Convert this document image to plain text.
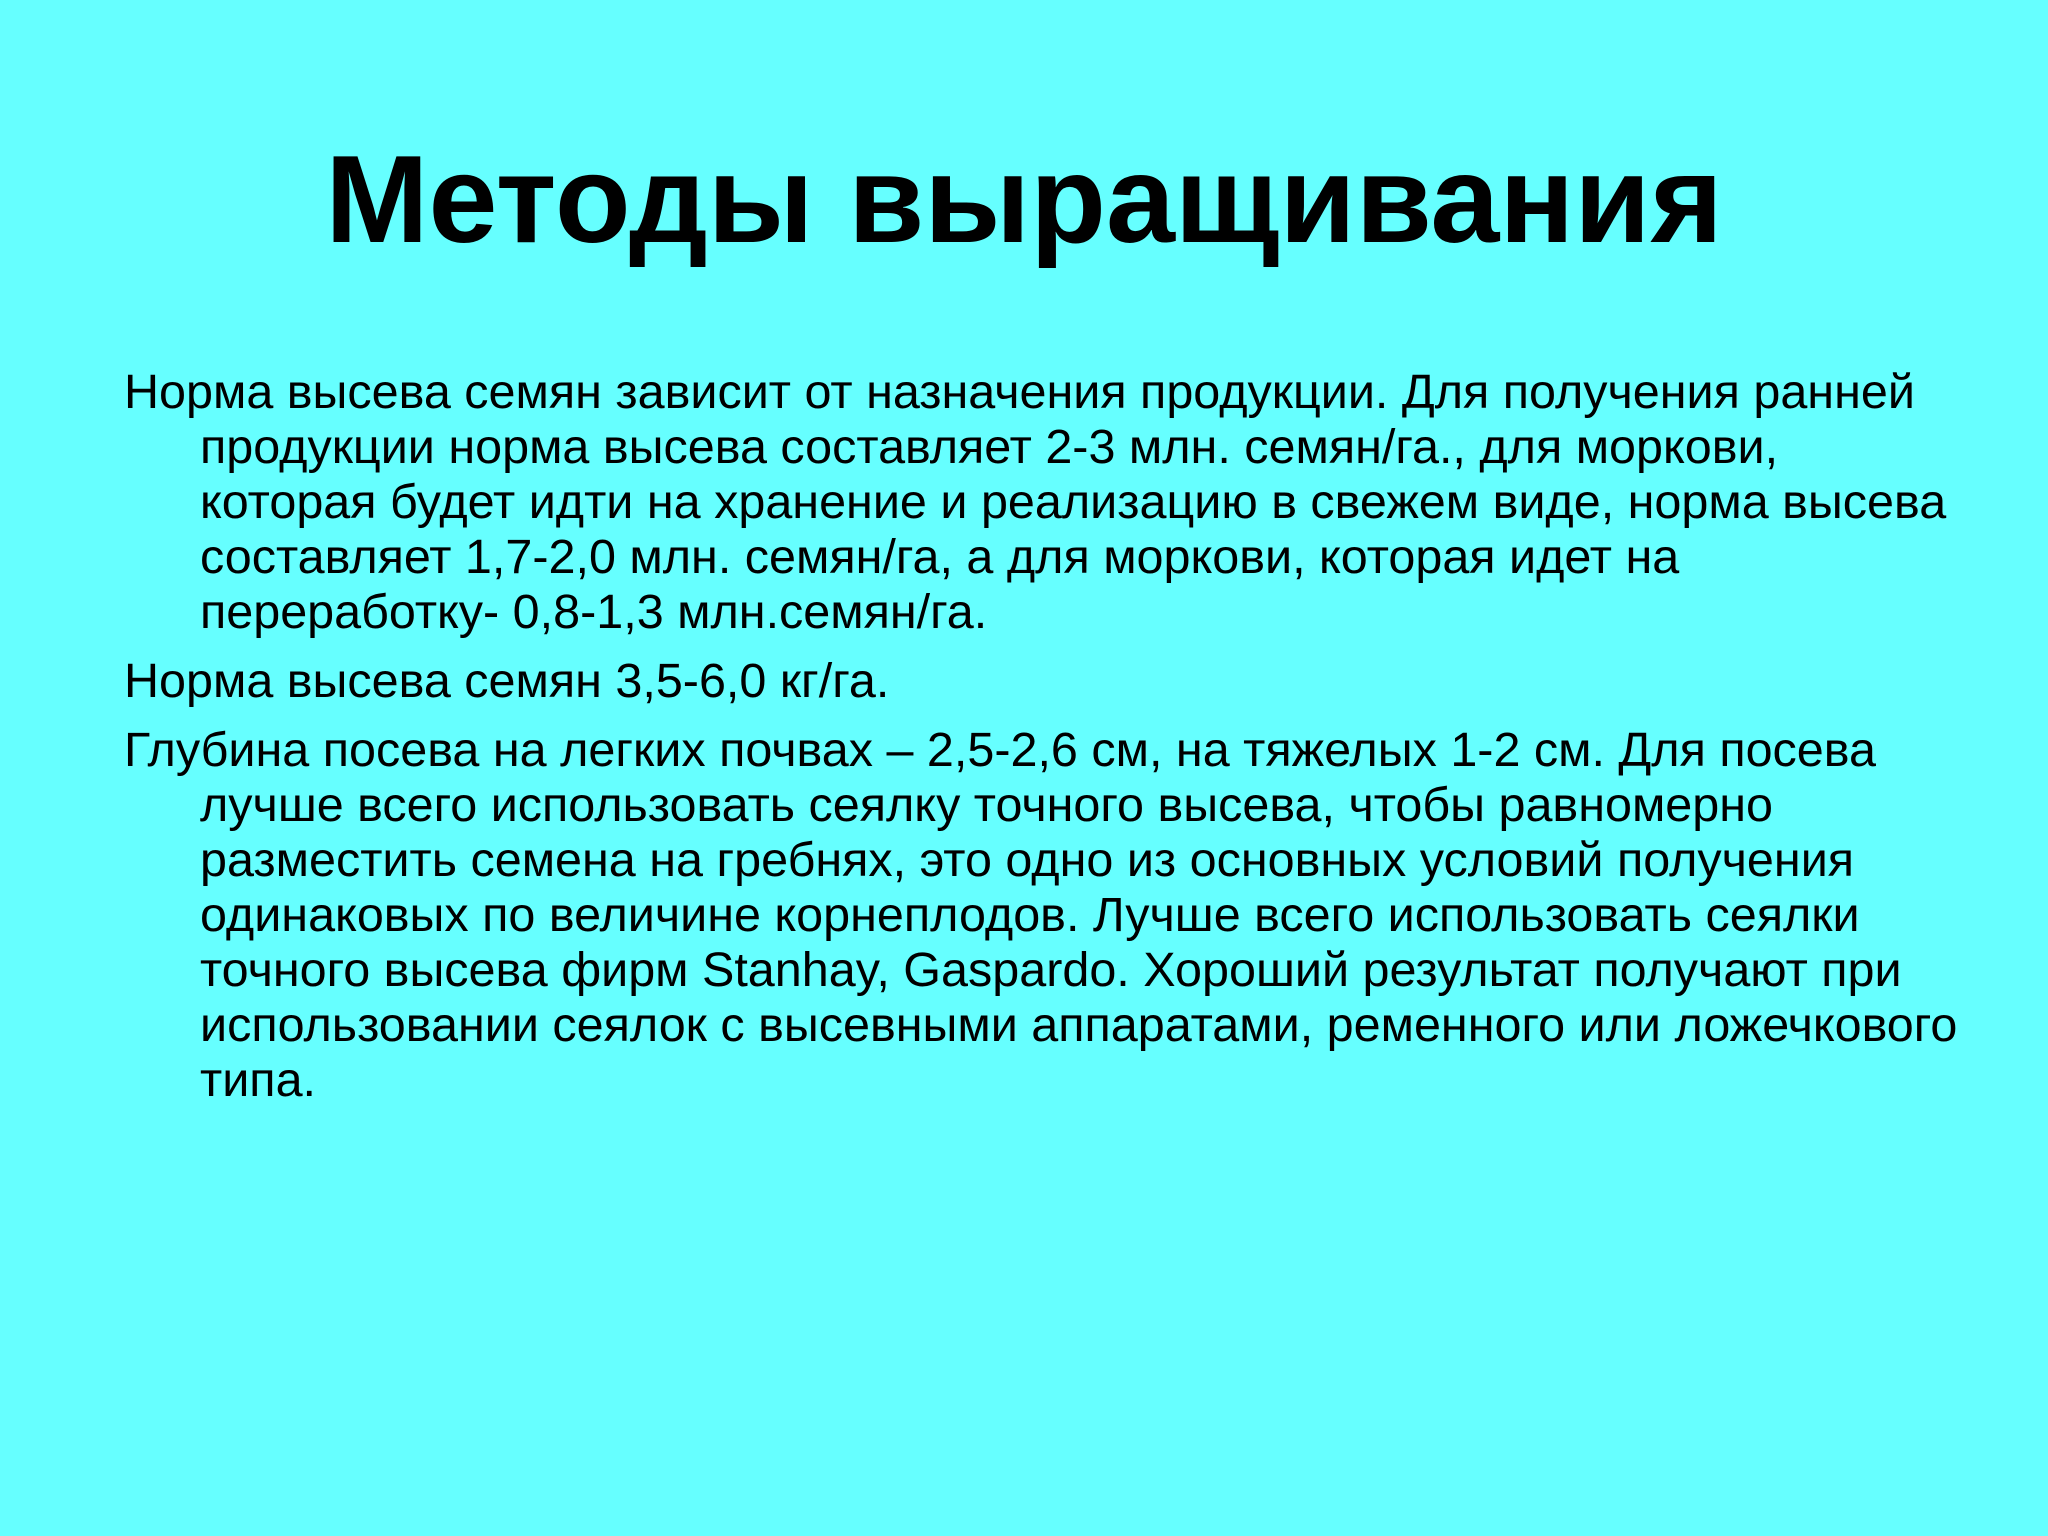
Методы выращивания

Норма высева семян зависит от назначения продукции. Для получения ранней продукции норма высева составляет 2-3 млн. семян/га., для моркови, которая будет идти на хранение и реализацию в свежем виде, норма высева составляет 1,7-2,0 млн. семян/га, а для моркови, которая идет на переработку- 0,8-1,3 млн.семян/га.

Норма высева семян 3,5-6,0 кг/га.

Глубина посева на легких почвах – 2,5-2,6 см, на тяжелых 1-2 см. Для посева лучше всего использовать сеялку точного высева, чтобы равномерно разместить семена на гребнях, это одно из основных условий получения одинаковых по величине корнеплодов. Лучше всего использовать сеялки точного высева фирм Stanhay, Gaspardo. Хороший результат получают при использовании сеялок с высевными аппаратами, ременного или ложечкового типа.
